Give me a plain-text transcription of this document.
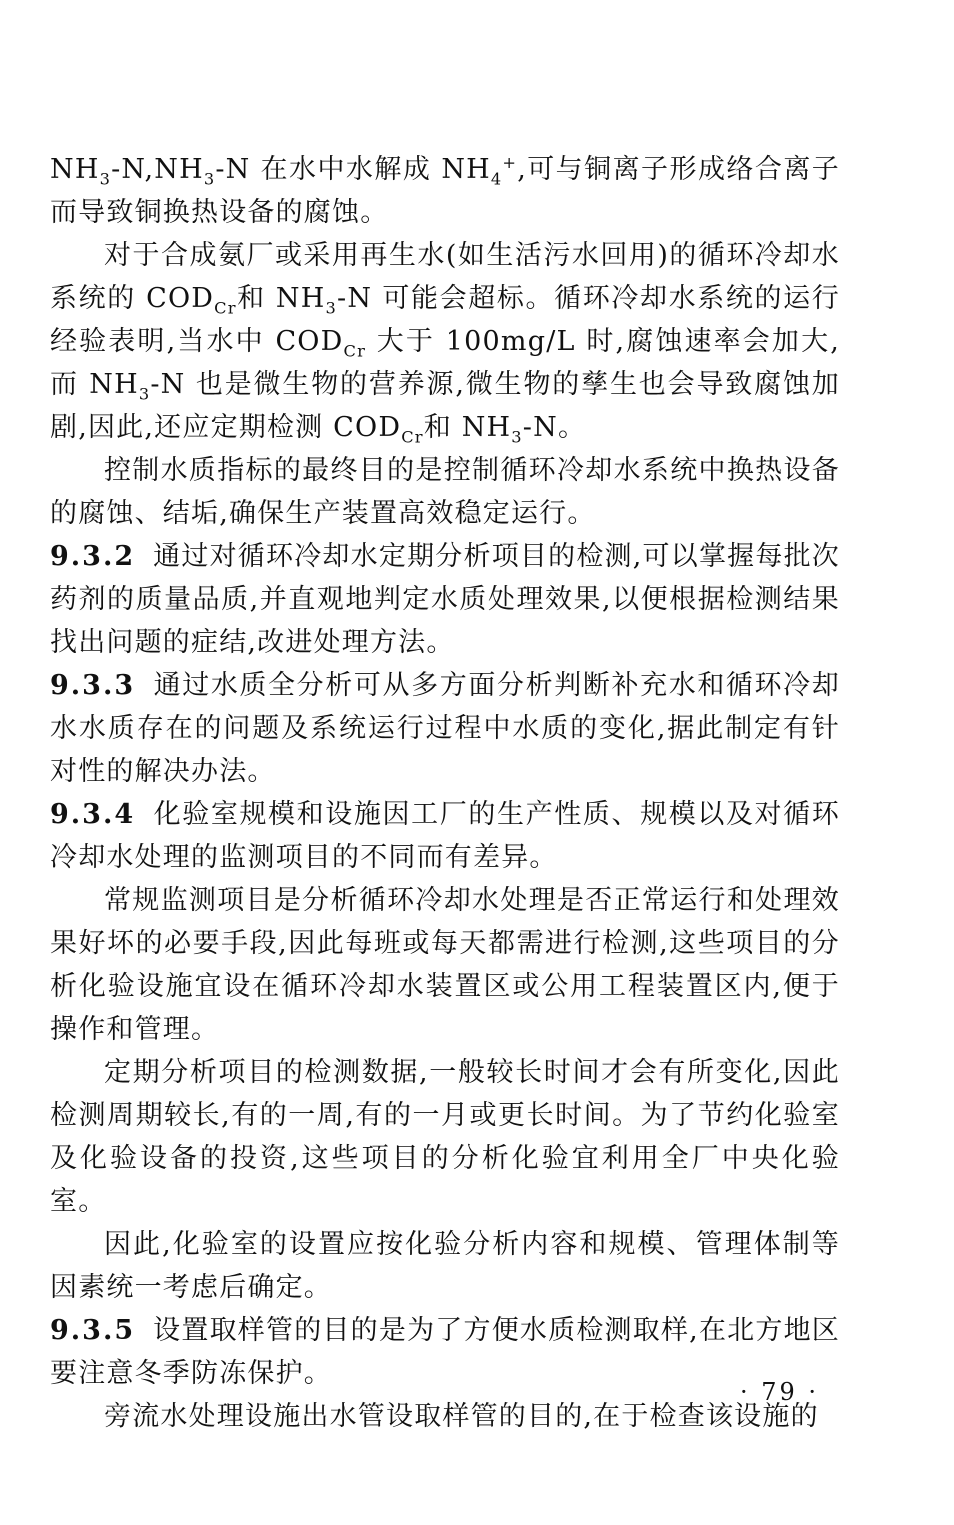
$NH_3-N,NH_3-N$ 在水中水解成 $NH_4^+$,可与铜离子形成络合离子而导致铜换热设备的腐蚀。

对于合成氨厂或采用再生水(如生活污水回用)的循环冷却水系统的 $COD_{Cr}$和 $NH_3-N$ 可能会超标。循环冷却水系统的运行经验表明,当水中 $COD_{Cr}$ 大于 100mg/L 时,腐蚀速率会加大,而 $NH_3-N$ 也是微生物的营养源,微生物的孳生也会导致腐蚀加剧,因此,还应定期检测 $COD_{Cr}$和 $NH_3-N$。

控制水质指标的最终目的是控制循环冷却水系统中换热设备的腐蚀、结垢,确保生产装置高效稳定运行。

9.3.2 通过对循环冷却水定期分析项目的检测,可以掌握每批次药剂的质量品质,并直观地判定水质处理效果,以便根据检测结果找出问题的症结,改进处理方法。

9.3.3 通过水质全分析可从多方面分析判断补充水和循环冷却水水质存在的问题及系统运行过程中水质的变化,据此制定有针对性的解决办法。

9.3.4 化验室规模和设施因工厂的生产性质、规模以及对循环冷却水处理的监测项目的不同而有差异。

常规监测项目是分析循环冷却水处理是否正常运行和处理效果好坏的必要手段,因此每班或每天都需进行检测,这些项目的分析化验设施宜设在循环冷却水装置区或公用工程装置区内,便于操作和管理。

定期分析项目的检测数据,一般较长时间才会有所变化,因此检测周期较长,有的一周,有的一月或更长时间。为了节约化验室及化验设备的投资,这些项目的分析化验宜利用全厂中央化验室。

因此,化验室的设置应按化验分析内容和规模、管理体制等因素统一考虑后确定。

9.3.5 设置取样管的目的是为了方便水质检测取样,在北方地区要注意冬季防冻保护。

旁流水处理设施出水管设取样管的目的,在于检查该设施的

· 79 ·
